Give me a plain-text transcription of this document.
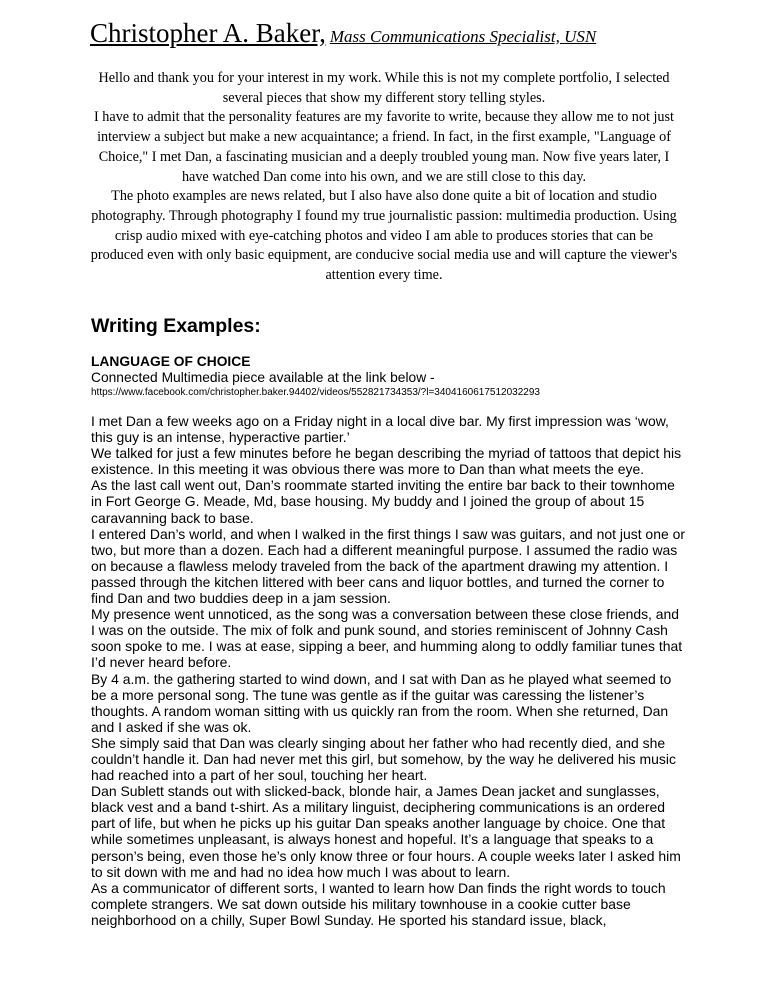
Christopher A. Baker, Mass Communications Specialist, USN

Hello and thank you for your interest in my work. While this is not my complete portfolio, I selected several pieces that show my different story telling styles.

I have to admit that the personality features are my favorite to write, because they allow me to not just interview a subject but make a new acquaintance; a friend. In fact, in the first example, "Language of Choice," I met Dan, a fascinating musician and a deeply troubled young man. Now five years later, I have watched Dan come into his own, and we are still close to this day.

The photo examples are news related, but I also have also done quite a bit of location and studio photography. Through photography I found my true journalistic passion: multimedia production. Using crisp audio mixed with eye-catching photos and video I am able to produces stories that can be produced even with only basic equipment, are conducive social media use and will capture the viewer's attention every time.

Writing Examples:
LANGUAGE OF CHOICE
Connected Multimedia piece available at the link below -
https://www.facebook.com/christopher.baker.94402/videos/552821734353/?l=3404160617512032293

I met Dan a few weeks ago on a Friday night in a local dive bar. My first impression was ‘wow, this guy is an intense, hyperactive partier.’

We talked for just a few minutes before he began describing the myriad of tattoos that depict his existence. In this meeting it was obvious there was more to Dan than what meets the eye.

As the last call went out, Dan’s roommate started inviting the entire bar back to their townhome in Fort George G. Meade, Md, base housing. My buddy and I joined the group of about 15 caravanning back to base.

I entered Dan’s world, and when I walked in the first things I saw was guitars, and not just one or two, but more than a dozen. Each had a different meaningful purpose. I assumed the radio was on because a flawless melody traveled from the back of the apartment drawing my attention. I passed through the kitchen littered with beer cans and liquor bottles, and turned the corner to find Dan and two buddies deep in a jam session.

My presence went unnoticed, as the song was a conversation between these close friends, and I was on the outside. The mix of folk and punk sound, and stories reminiscent of Johnny Cash soon spoke to me. I was at ease, sipping a beer, and humming along to oddly familiar tunes that I’d never heard before.

By 4 a.m. the gathering started to wind down, and I sat with Dan as he played what seemed to be a more personal song. The tune was gentle as if the guitar was caressing the listener’s thoughts. A random woman sitting with us quickly ran from the room. When she returned, Dan and I asked if she was ok.

She simply said that Dan was clearly singing about her father who had recently died, and she couldn’t handle it. Dan had never met this girl, but somehow, by the way he delivered his music had reached into a part of her soul, touching her heart.

Dan Sublett stands out with slicked-back, blonde hair, a James Dean jacket and sunglasses, black vest and a band t-shirt. As a military linguist, deciphering communications is an ordered part of life, but when he picks up his guitar Dan speaks another language by choice. One that while sometimes unpleasant, is always honest and hopeful. It’s a language that speaks to a person’s being, even those he’s only know three or four hours. A couple weeks later I asked him to sit down with me and had no idea how much I was about to learn.

As a communicator of different sorts, I wanted to learn how Dan finds the right words to touch complete strangers. We sat down outside his military townhouse in a cookie cutter base neighborhood on a chilly, Super Bowl Sunday. He sported his standard issue, black,
